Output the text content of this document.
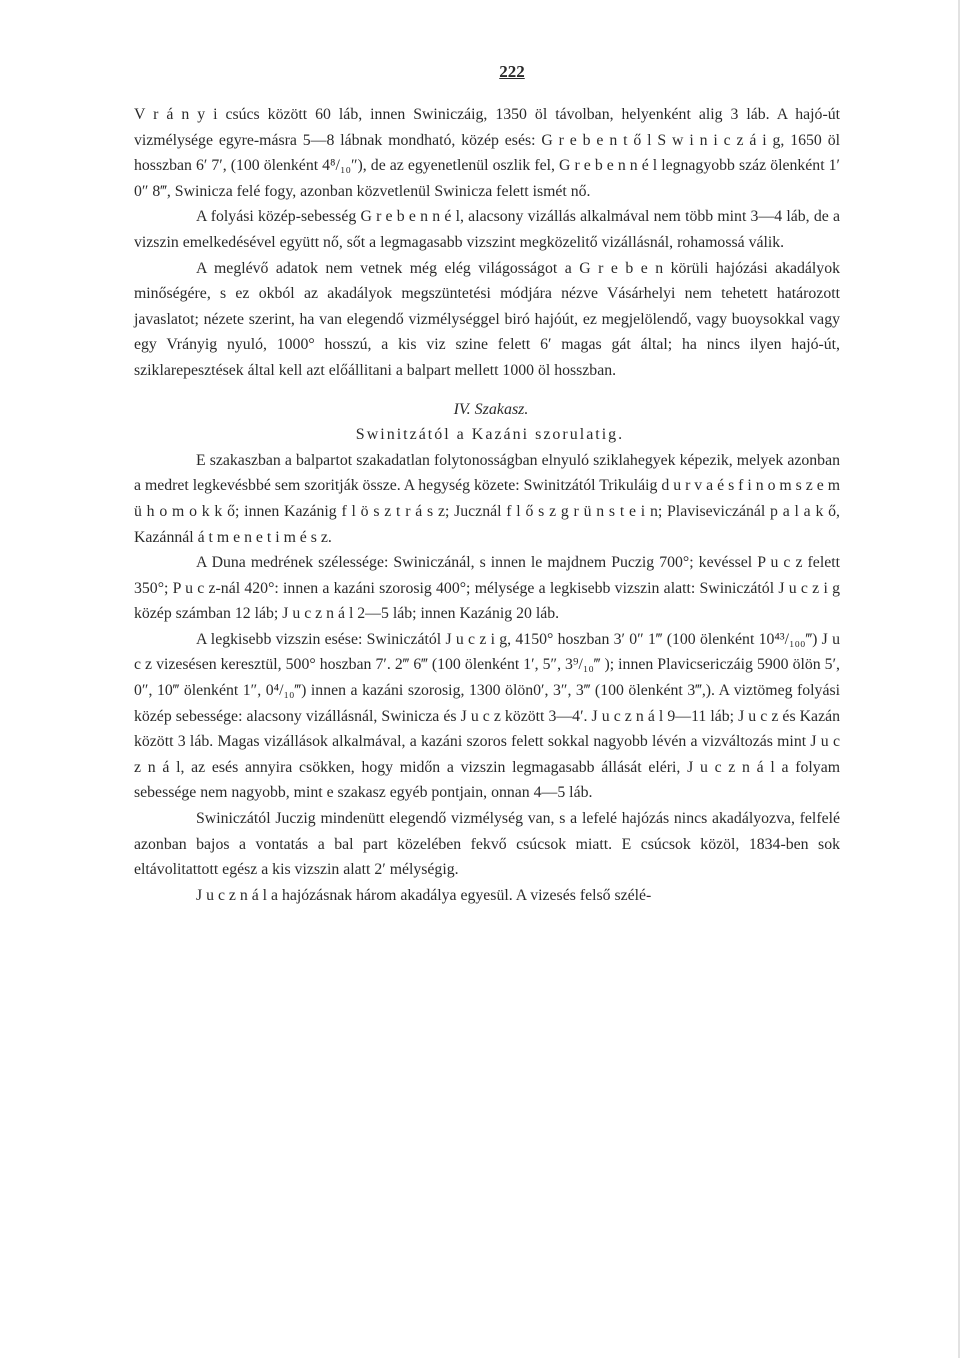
222

V r á n y i csúcs között 60 láb, innen Swiniczáig, 1350 öl távolban, helyenként alig 3 láb. A hajó-út vizmélysége egyre-másra 5—8 lábnak mondható, közép esés: G r e b e n t ő l S w i n i c z á i g, 1650 öl hosszban 6′ 7′, (100 ölenként 4⁸/₁₀″), de az egyenetlenül oszlik fel, G r e b e n n é l legnagyobb száz ölenként 1′ 0″ 8‴, Swinicza felé fogy, azonban közvetlenül Swinicza felett ismét nő.

A folyási közép-sebesség G r e b e n n é l, alacsony vizállás alkalmával nem több mint 3—4 láb, de a vizszin emelkedésével együtt nő, sőt a legmagasabb vizszint megközelitő vizállásnál, rohamossá válik.

A meglévő adatok nem vetnek még elég világosságot a G r e b e n körüli hajózási akadályok minőségére, s ez okból az akadályok megszüntetési módjára nézve Vásárhelyi nem tehetett határozott javaslatot; nézete szerint, ha van elegendő vizmélységgel biró hajóút, ez megjelölendő, vagy buoysokkal vagy egy Vrányig nyuló, 1000° hosszú, a kis viz szine felett 6′ magas gát által; ha nincs ilyen hajó-út, sziklarepesztések által kell azt előállitani a balpart mellett 1000 öl hosszban.

IV. Szakasz.

Swinitzától a Kazáni szorulatig.

E szakaszban a balpartot szakadatlan folytonosságban elnyuló sziklahegyek képezik, melyek azonban a medret legkevésbbé sem szoritják össze. A hegység közete: Swinitzától Trikuláig d u r v a é s f i n o m s z e m ü h o m o k k ő; innen Kazánig f l ö s z t r á s z; Jucznál f l ő s z g r ü n s t e i n; Plaviseviczánál p a l a k ő, Kazánnál á t m e n e t i m é s z.

A Duna medrének szélessége: Swiniczánál, s innen le majdnem Puczig 700°; kevéssel P u c z felett 350°; P u c z-nál 420°: innen a kazáni szorosig 400°; mélysége a legkisebb vizszin alatt: Swiniczától J u c z i g közép számban 12 láb; J u c z n á l 2—5 láb; innen Kazánig 20 láb.

A legkisebb vizszin esése: Swiniczától J u c z i g, 4150° hoszban 3′ 0″ 1‴ (100 ölenként 10⁴³/₁₀₀‴) J u c z vizesésen keresztül, 500° hoszban 7′. 2‴ 6‴ (100 ölenként 1′, 5″, 3⁹/₁₀‴ ); innen Plavicsericzáig 5900 ölön 5′, 0″, 10‴ ölenként 1″, 0⁴/₁₀‴) innen a kazáni szorosig, 1300 ölön0′, 3″, 3‴ (100 ölenként 3‴,). A viztömeg folyási közép sebessége: alacsony vizállásnál, Swinicza és J u c z között 3—4′. J u c z n á l 9—11 láb; J u c z és Kazán között 3 láb. Magas vizállások alkalmával, a kazáni szoros felett sokkal nagyobb lévén a vizváltozás mint J u c z n á l, az esés annyira csökken, hogy midőn a vizszin legmagasabb állását eléri, J u c z n á l a folyam sebessége nem nagyobb, mint e szakasz egyéb pontjain, onnan 4—5 láb.

Swiniczától Juczig mindenütt elegendő vizmélység van, s a lefelé hajózás nincs akadályozva, felfelé azonban bajos a vontatás a bal part közelében fekvő csúcsok miatt. E csúcsok közöl, 1834-ben sok eltávolitattott egész a kis vizszin alatt 2′ mélységig.

J u c z n á l a hajózásnak három akadálya egyesül. A vizesés felső szélé-
